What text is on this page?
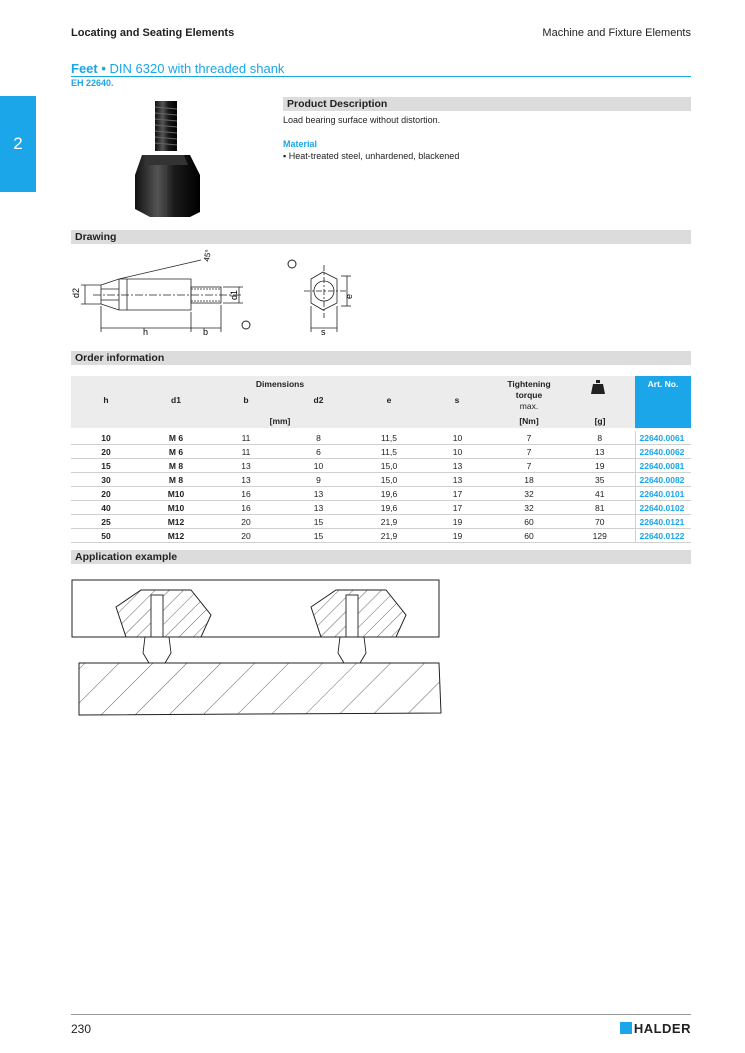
Locating and Seating Elements	Machine and Fixture Elements
2
Feet • DIN 6320 with threaded shank
EH 22640.
Product Description
Load bearing surface without distortion.
Material
▪ Heat-treated steel, unhardened, blackened
Drawing
d2	d1
h	b
45°
e
s
Order information
Dimensions
h	d1	b	d2	e	s
[mm]
Tightening
torque
max.
[Nm]	[g]
Art. No.
10	M 6	11	8	11,5	10	7	8	22640.0061
20	M 6	11	6	11,5	10	7	13	22640.0062
15	M 8	13	10	15,0	13	7	19	22640.0081
30	M 8	13	9	15,0	13	18	35	22640.0082
20	M10	16	13	19,6	17	32	41	22640.0101
40	M10	16	13	19,6	17	32	81	22640.0102
25	M12	20	15	21,9	19	60	70	22640.0121
50	M12	20	15	21,9	19	60	129	22640.0122
Application example
230	HALDER
